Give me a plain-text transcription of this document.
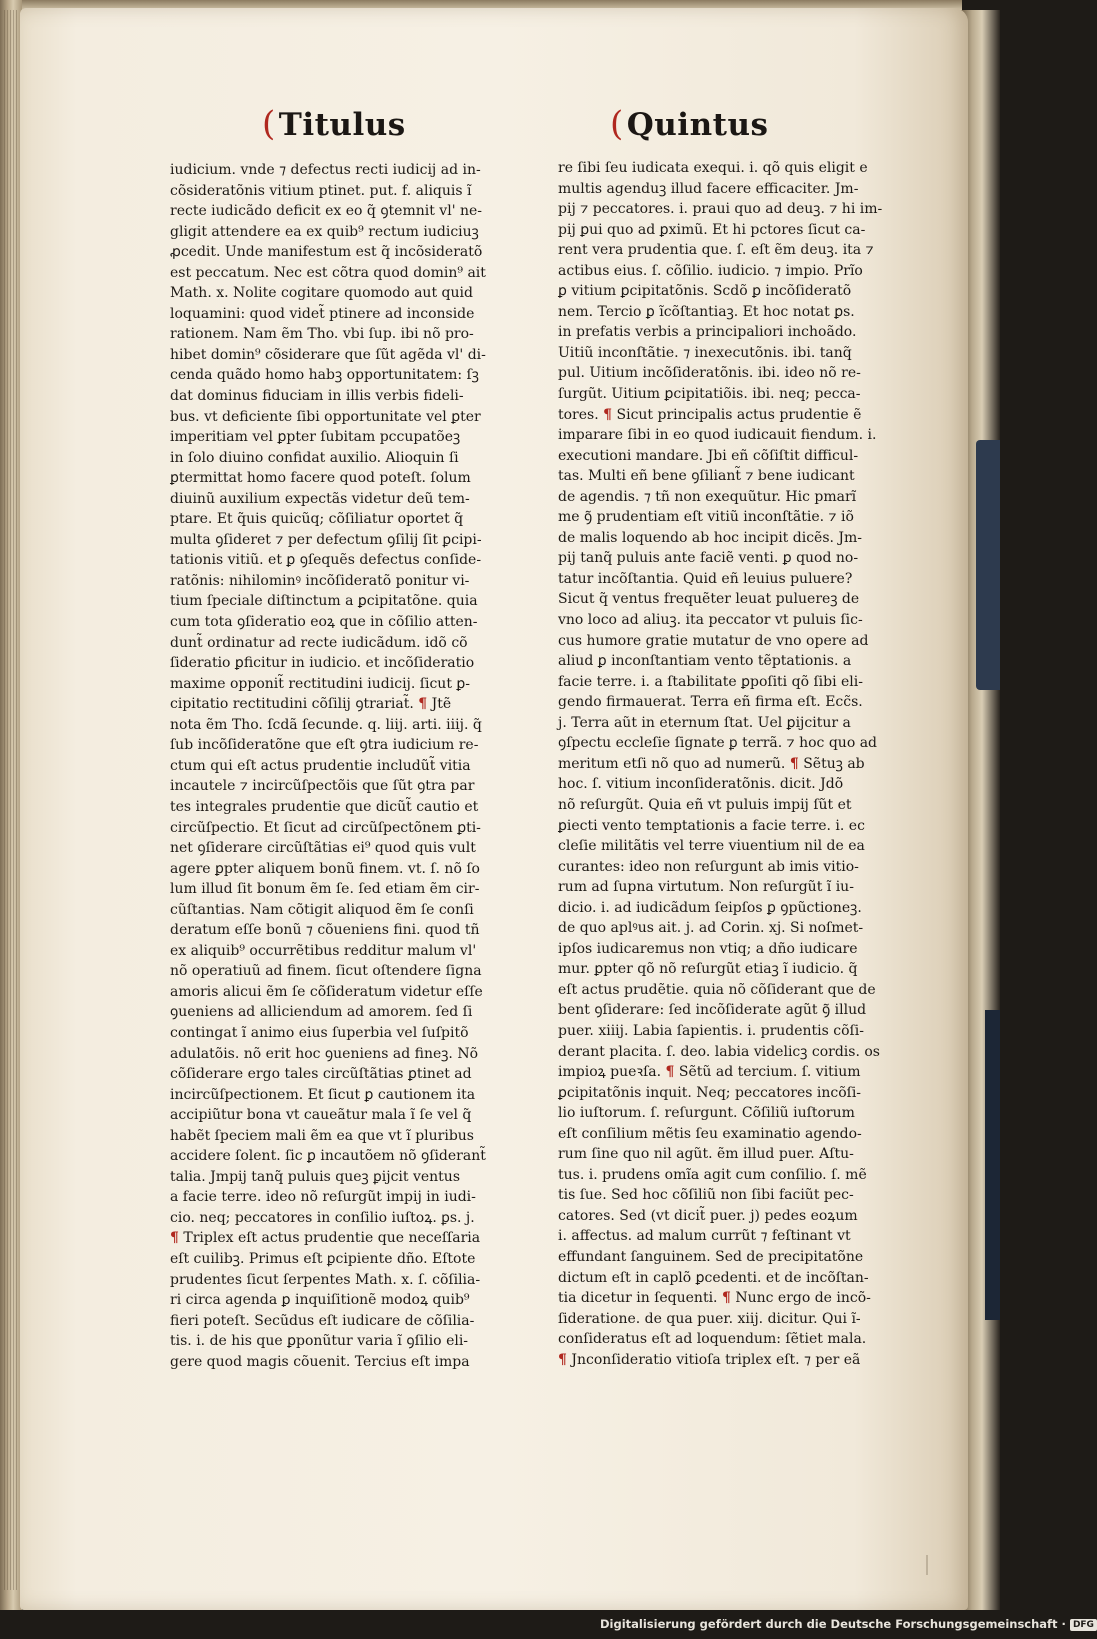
(Titulus	(Quintus
iudicium. vnde ⁊ defectus recti iudicij ad in-
cõsideratõnis vitium ptinet. put. f. aliquis ĩ
recte iudicãdo deficit ex eo q̃ ꝯtemnit vl' ne-
gligit attendere ea ex quib⁹ rectum iudiciuꝫ
ꝓcedit. Unde manifestum est q̃ incõsideratõ
est peccatum. Nec est cõtra quod domin⁹ ait
Math. x. Nolite cogitare quomodo aut quid
loquamini: quod videt̃ ptinere ad inconside
rationem. Nam ẽm Tho. vbi ſup. ibi nõ pro-
hibet domin⁹ cõsiderare que ſũt agẽda vl' di-
cenda quãdo homo habꝫ opportunitatem: ſꝫ
dat dominus fiduciam in illis verbis fideli-
bus. vt deficiente ſibi opportunitate vel ꝑter
imperitiam vel ꝑpter ſubitam pccupatõeꝫ
in ſolo diuino confidat auxilio. Alioquin ſi
ꝑtermittat homo facere quod poteſt. ſolum
diuinũ auxilium expectãs videtur deũ tem-
ptare. Et q̃uis quicũq; cõſiliatur oportet q̃
multa ꝯſideret ⁊ per defectum ꝯſilij ſit ꝑcipi-
tationis vitiũ. et ꝑ ꝯſequẽs defectus conſide-
ratõnis: nihilominꝰ incõſideratõ ponitur vi-
tium ſpeciale diſtinctum a ꝑcipitatõne. quia
cum tota ꝯſideratio eoꝝ que in cõſilio atten-
dunt̃ ordinatur ad recte iudicãdum. idõ cõ
ſideratio ꝑficitur in iudicio. et incõſideratio
maxime opponit̃ rectitudini iudicij. ſicut ꝑ-
cipitatio rectitudini cõſilij ꝯtrariat̃. ¶ Jtẽ
nota ẽm Tho. ſcdã ſecunde. q. liij. arti. iiij. q̃
ſub incõſideratõne que eſt ꝯtra iudicium re-
ctum qui eſt actus prudentie includũt̃ vitia
incautele ⁊ incircũſpectõis que ſũt ꝯtra par
tes integrales prudentie que dicũt̃ cautio et
circũſpectio. Et ſicut ad circũſpectõnem ꝑti-
net ꝯſiderare circũſtãtias ei⁹ quod quis vult
agere ꝑpter aliquem bonũ finem. vt. ſ. nõ ſo
lum illud ſit bonum ẽm ſe. ſed etiam ẽm cir-
cũſtantias. Nam cõtigit aliquod ẽm ſe conſi
deratum eſſe bonũ ⁊ cõueniens fini. quod tñ
ex aliquib⁹ occurrẽtibus redditur malum vl'
nõ operatiuũ ad finem. ſicut oſtendere ſigna
amoris alicui ẽm ſe cõſideratum videtur eſſe
ꝯueniens ad alliciendum ad amorem. ſed ſi
contingat ĩ animo eius ſuperbia vel ſuſpitõ
adulatõis. nõ erit hoc ꝯueniens ad fineꝫ. Nõ
cõſiderare ergo tales circũſtãtias ꝑtinet ad
incircũſpectionem. Et ſicut ꝑ cautionem ita
accipiũtur bona vt caueãtur mala ĩ ſe vel q̃
habẽt ſpeciem mali ẽm ea que vt ĩ pluribus
accidere ſolent. ſic ꝑ incautõem nõ ꝯſiderant̃
talia. Jmpij tanq̃ puluis queꝫ ꝑijcit ventus
a facie terre. ideo nõ reſurgũt impij in iudi-
cio. neq; peccatores in conſilio iuſtoꝝ. ꝑs. j.
¶ Triplex eſt actus prudentie que neceſſaria
eſt cuilibꝫ. Primus eſt ꝑcipiente dño. Eſtote
prudentes ſicut ſerpentes Math. x. ſ. cõſilia-
ri circa agenda ꝑ inquiſitionẽ modoꝝ quib⁹
fieri poteſt. Secũdus eſt iudicare de cõſilia-
tis. i. de his que ꝑponũtur varia ĩ ꝯſilio eli-
gere quod magis cõuenit. Tercius eſt impa
re ſibi ſeu iudicata exequi. i. qõ quis eligit e
multis agenduꝫ illud facere efficaciter. Jm-
pij ⁊ peccatores. i. praui quo ad deuꝫ. ⁊ hi im-
pij ꝑui quo ad ꝑximũ. Et hi pctores ſicut ca-
rent vera prudentia que. ſ. eſt ẽm deuꝫ. ita ⁊
actibus eius. ſ. cõſilio. iudicio. ⁊ impio. Prĩo
ꝑ vitium ꝑcipitatõnis. Scdõ ꝑ incõſideratõ
nem. Tercio ꝑ ĩcõſtantiaꝫ. Et hoc notat ꝑs.
in prefatis verbis a principaliori inchoãdo.
Uitiũ inconſtãtie. ⁊ inexecutõnis. ibi. tanq̃
pul. Uitium incõſideratõnis. ibi. ideo nõ re-
ſurgũt. Uitium ꝑcipitatiõis. ibi. neq; pecca-
tores. ¶ Sicut principalis actus prudentie ẽ
imparare ſibi in eo quod iudicauit fiendum. i.
executioni mandare. Jbi eñ cõſiſtit difficul-
tas. Multi eñ bene ꝯſiliant̃ ⁊ bene iudicant
de agendis. ⁊ tñ non exequũtur. Hic pmarĩ
me ꝯ̃ prudentiam eſt vitiũ inconſtãtie. ⁊ iõ
de malis loquendo ab hoc incipit dicẽs. Jm-
pij tanq̃ puluis ante faciẽ venti. ꝑ quod no-
tatur incõſtantia. Quid eñ leuius puluere?
Sicut q̃ ventus frequẽter leuat puluereꝫ de
vno loco ad aliuꝫ. ita peccator vt puluis ſic-
cus humore gratie mutatur de vno opere ad
aliud ꝑ inconſtantiam vento tẽptationis. a
facie terre. i. a ſtabilitate ꝑpoſiti qõ ſibi eli-
gendo firmauerat. Terra eñ firma eſt. Ecc̃s.
j. Terra aũt in eternum ſtat. Uel ꝑijcitur a
ꝯſpectu eccleſie ſignate ꝑ terrã. ⁊ hoc quo ad
meritum etſi nõ quo ad numerũ. ¶ Sẽtuꝫ ab
hoc. ſ. vitium inconſideratõnis. dicit. Jdõ
nõ reſurgũt. Quia eñ vt puluis impij ſũt et
ꝑiecti vento temptationis a facie terre. i. ec
cleſie militãtis vel terre viuentium nil de ea
curantes: ideo non reſurgunt ab imis vitio-
rum ad ſupna virtutum. Non reſurgũt ĩ iu-
dicio. i. ad iudicãdum ſeipſos ꝑ ꝯpũctioneꝫ.
de quo aplꝰus ait. j. ad Corin. xj. Si noſmet-
ipſos iudicaremus non vtiq; a dño iudicare
mur. ꝑpter qõ nõ reſurgũt etiaꝫ ĩ iudicio. q̃
eſt actus prudẽtie. quia nõ cõſiderant que de
bent ꝯſiderare: ſed incõſiderate agũt ꝯ̃ illud
puer. xiiij. Labia ſapientis. i. prudentis cõſi-
derant placita. ſ. deo. labia videlicꝫ cordis. os
impioꝝ pueꝛſa. ¶ Sẽtũ ad tercium. ſ. vitium
ꝑcipitatõnis inquit. Neq; peccatores incõſi-
lio iuſtorum. ſ. reſurgunt. Cõſiliũ iuſtorum
eſt conſilium mẽtis ſeu examinatio agendo-
rum ſine quo nil agũt. ẽm illud puer. Aſtu-
tus. i. prudens omĩa agit cum conſilio. ſ. mẽ
tis ſue. Sed hoc cõſiliũ non ſibi faciũt pec-
catores. Sed (vt dicit̃ puer. j) pedes eoꝝum
i. affectus. ad malum currũt ⁊ feſtinant vt
effundant ſanguinem. Sed de precipitatõne
dictum eſt in caplõ ꝑcedenti. et de incõſtan-
tia dicetur in ſequenti. ¶ Nunc ergo de incõ-
ſideratione. de qua puer. xiij. dicitur. Qui ĩ-
conſideratus eſt ad loquendum: ſẽtiet mala.
¶ Jnconſideratio vitioſa triplex eſt. ⁊ per eã
Digitalisierung gefördert durch die Deutsche Forschungsgemeinschaft · DFG
